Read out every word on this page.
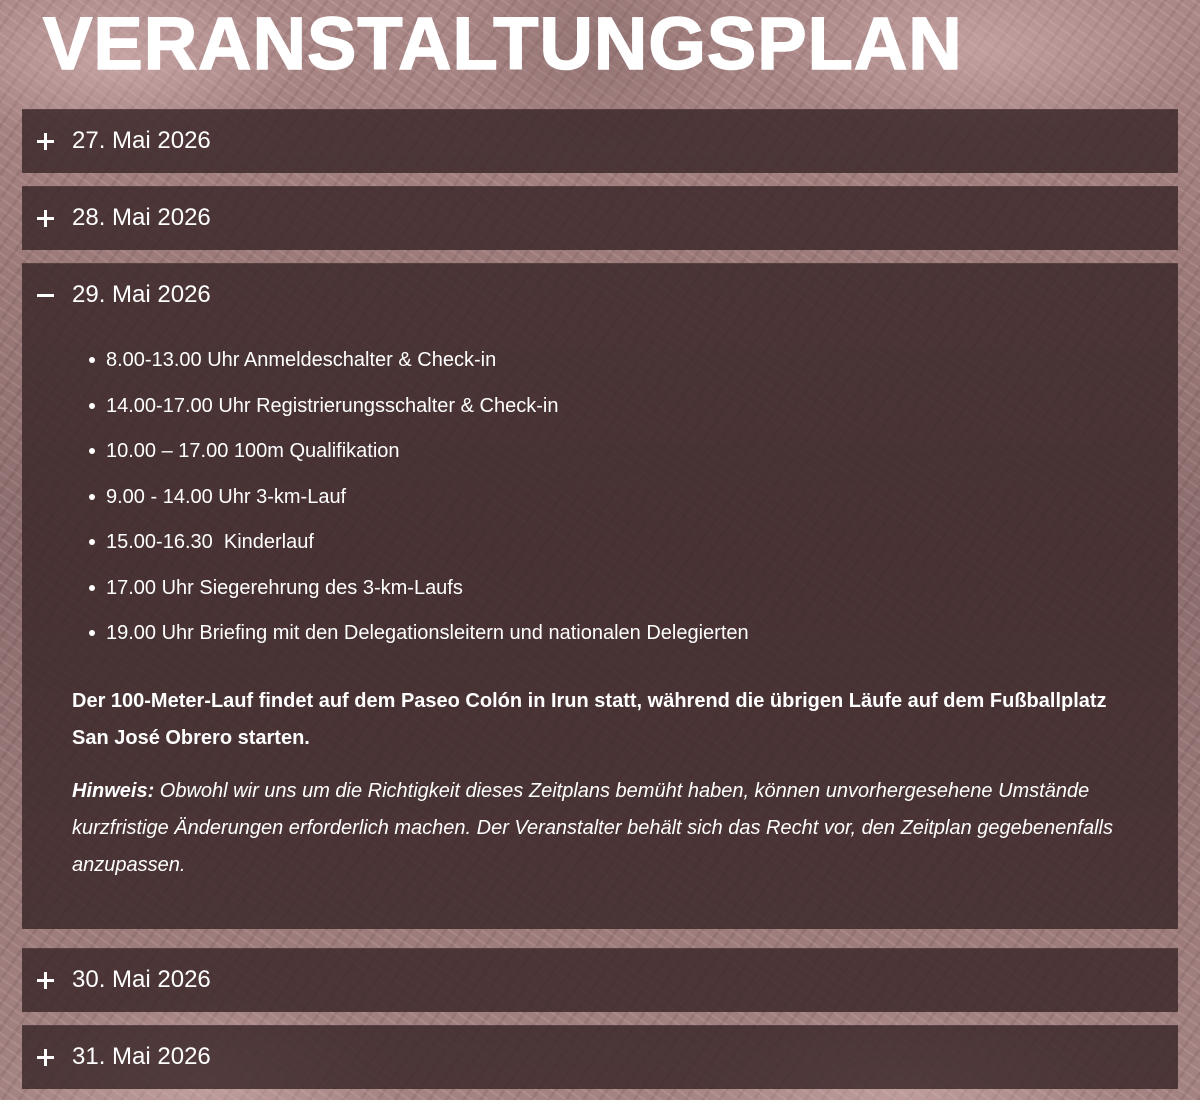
VERANSTALTUNGSPLAN
27. Mai 2026
28. Mai 2026
29. Mai 2026
8.00-13.00 Uhr Anmeldeschalter & Check-in
14.00-17.00 Uhr Registrierungsschalter & Check-in
10.00 – 17.00 100m Qualifikation
9.00 - 14.00 Uhr 3-km-Lauf
15.00-16.30  Kinderlauf
17.00 Uhr Siegerehrung des 3-km-Laufs
19.00 Uhr Briefing mit den Delegationsleitern und nationalen Delegierten

Der 100-Meter-Lauf findet auf dem Paseo Colón in Irun statt, während die übrigen Läufe auf dem Fußballplatz San José Obrero starten.

Hinweis: Obwohl wir uns um die Richtigkeit dieses Zeitplans bemüht haben, können unvorhergesehene Umstände kurzfristige Änderungen erforderlich machen. Der Veranstalter behält sich das Recht vor, den Zeitplan gegebenenfalls anzupassen.

30. Mai 2026
31. Mai 2026
